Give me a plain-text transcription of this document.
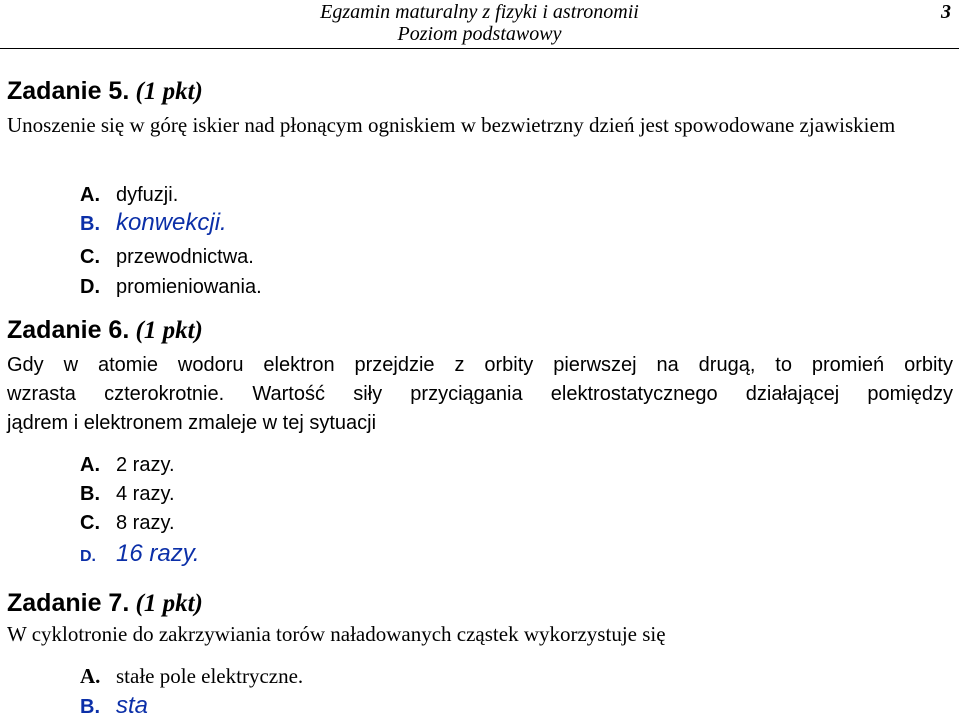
Egzamin maturalny z fizyki i astronomii
Poziom podstawowy
3
Zadanie 5. (1 pkt)
Unoszenie się w górę iskier nad płonącym ogniskiem w bezwietrzny dzień jest spowodowane zjawiskiem
A. dyfuzji.
B. konwekcji.
C. przewodnictwa.
D. promieniowania.
Zadanie 6. (1 pkt)
Gdy w atomie wodoru elektron przejdzie z orbity pierwszej na drugą, to promień orbity
wzrasta czterokrotnie. Wartość siły przyciągania elektrostatycznego działającej pomiędzy
jądrem i elektronem zmaleje w tej sytuacji
A. 2 razy.
B. 4 razy.
C. 8 razy.
D. 16 razy.
Zadanie 7. (1 pkt)
W cyklotronie do zakrzywiania torów naładowanych cząstek wykorzystuje się
A. stałe pole elektryczne.
B. sta
